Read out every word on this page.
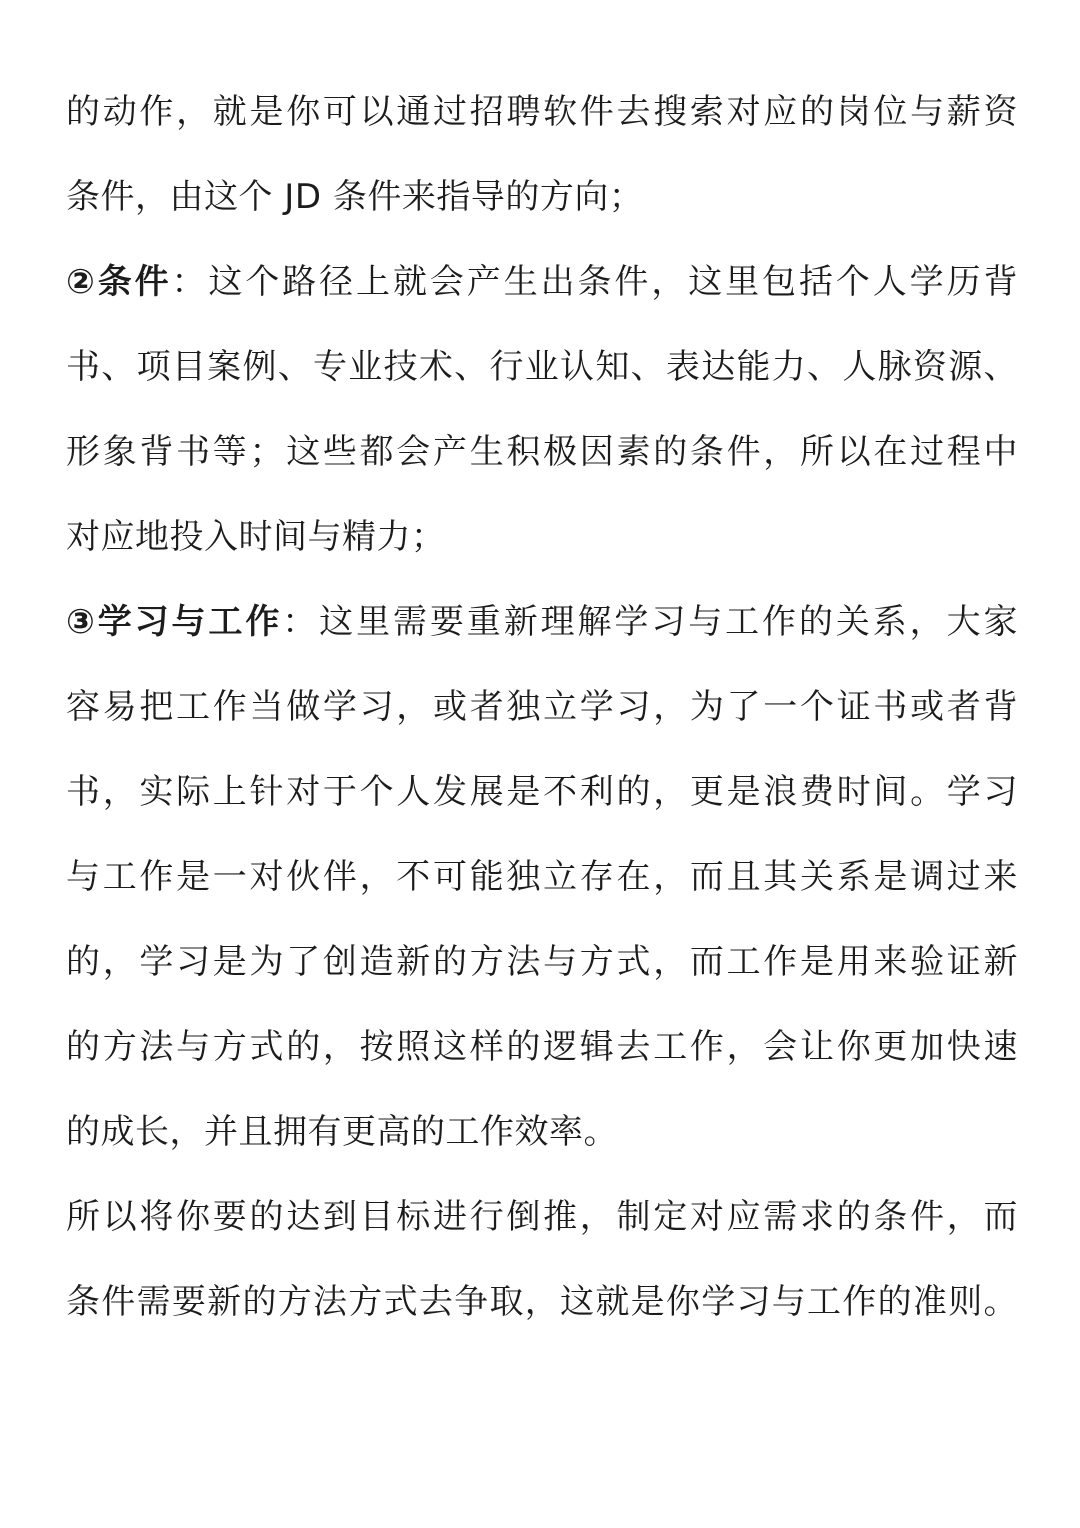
的动作，就是你可以通过招聘软件去搜索对应的岗位与薪资
条件，由这个 JD 条件来指导的方向；
②条件：这个路径上就会产生出条件，这里包括个人学历背
书、项目案例、专业技术、行业认知、表达能力、人脉资源、
形象背书等；这些都会产生积极因素的条件，所以在过程中
对应地投入时间与精力；
③学习与工作：这里需要重新理解学习与工作的关系，大家
容易把工作当做学习，或者独立学习，为了一个证书或者背
书，实际上针对于个人发展是不利的，更是浪费时间。学习
与工作是一对伙伴，不可能独立存在，而且其关系是调过来
的，学习是为了创造新的方法与方式，而工作是用来验证新
的方法与方式的，按照这样的逻辑去工作，会让你更加快速
的成长，并且拥有更高的工作效率。
所以将你要的达到目标进行倒推，制定对应需求的条件，而
条件需要新的方法方式去争取，这就是你学习与工作的准则。
